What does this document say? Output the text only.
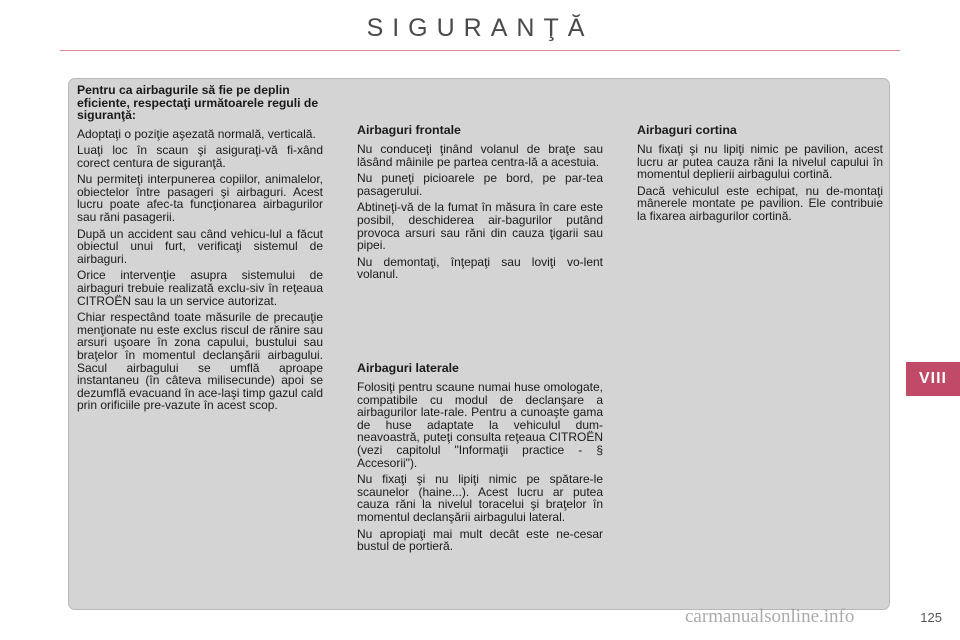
SIGURANŢĂ

Pentru ca airbagurile să fie pe deplin eficiente, respectaţi următoarele reguli de siguranţă:

Adoptaţi o poziţie aşezată normală, verticală.

Luaţi loc în scaun şi asiguraţi-vă fi-xând corect centura de siguranţă.

Nu permiteţi interpunerea copiilor, animalelor, obiectelor între pasageri şi airbaguri. Acest lucru poate afec-ta funcţionarea airbagurilor sau răni pasagerii.

După un accident sau când vehicu-lul a făcut obiectul unui furt, verificaţi sistemul de airbaguri.

Orice intervenţie asupra sistemului de airbaguri trebuie realizată exclu-siv în reţeaua CITROËN sau la un service autorizat.

Chiar respectând toate măsurile de precauţie menţionate nu este exclus riscul de rănire sau arsuri uşoare în zona capului, bustului sau braţelor în momentul declanşării airbagului. Sacul airbagului se umflă aproape instantaneu (în câteva milisecunde) apoi se dezumflă evacuand în ace-laşi timp gazul cald prin orificiile pre-vazute în acest scop.

Airbaguri frontale

Nu conduceţi ţinând volanul de braţe sau lăsând mâinile pe partea centra-lă a acestuia.

Nu puneţi picioarele pe bord, pe par-tea pasagerului.

Abtineţi-vă de la fumat în măsura în care este posibil, deschiderea air-bagurilor putând provoca arsuri sau răni din cauza ţigarii sau pipei.

Nu demontaţi, înţepaţi sau loviţi vo-lent volanul.

Airbaguri laterale

Folosiţi pentru scaune numai huse omologate, compatibile cu modul de declanşare a airbagurilor late-rale. Pentru a cunoaşte gama de huse adaptate la vehiculul dum-neavoastră, puteţi consulta reţeaua CITROËN (vezi capitolul "Informaţii practice - § Accesorii").

Nu fixaţi şi nu lipiţi nimic pe spătare-le scaunelor (haine...). Acest lucru ar putea cauza răni la nivelul toracelui şi braţelor în momentul declanşării airbagului lateral.

Nu apropiaţi mai mult decât este ne-cesar bustul de portieră.

Airbaguri cortina

Nu fixaţi şi nu lipiţi nimic pe pavilion, acest lucru ar putea cauza răni la nivelul capului în momentul deplierii airbagului cortină.

Dacă vehiculul este echipat, nu de-montaţi mânerele montate pe pavilion. Ele contribuie la fixarea airbagurilor cortină.

VIII
carmanualsonline.info	125
